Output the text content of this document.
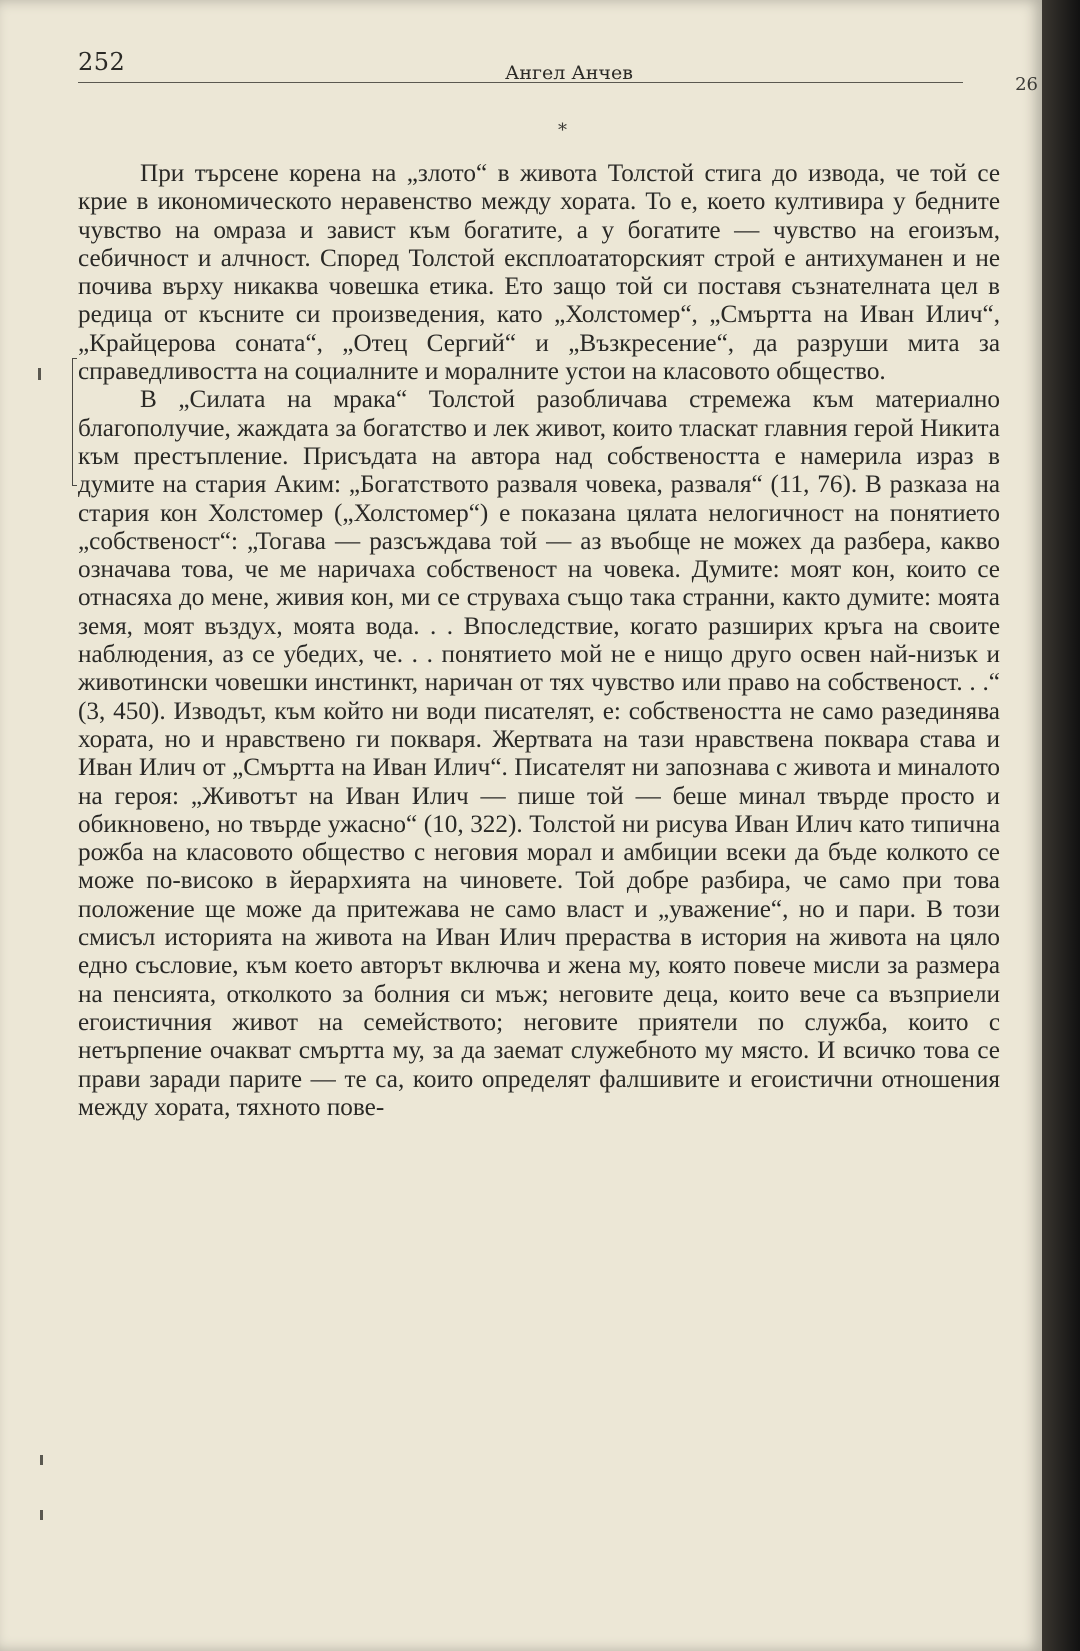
252	Ангел Анчев
26
*

При търсене корена на „злото“ в живота Толстой стига до извода, че той се крие в икономическото неравенство между хората. То е, което култивира у бедните чувство на омраза и завист към богатите, а у богатите — чувство на егоизъм, себичност и алчност. Според Толстой експлоататорският строй е антихуманен и не почива върху никаква човешка етика. Ето защо той си поставя съзнателната цел в редица от късните си произведения, като „Холстомер“, „Смъртта на Иван Илич“, „Крайцерова соната“, „Отец Сергий“ и „Възкресение“, да разруши мита за справедливостта на социалните и моралните устои на класовото общество.

В „Силата на мрака“ Толстой разобличава стремежа към материално благополучие, жаждата за богатство и лек живот, които тласкат главния герой Никита към престъпление. Присъдата на автора над собствеността е намерила израз в думите на стария Аким: „Богатството разваля човека, разваля“ (11, 76). В разказа на стария кон Холстомер („Холстомер“) е показана цялата нелогичност на понятието „собственост“: „Тогава — разсъждава той — аз въобще не можех да разбера, какво означава това, че ме наричаха собственост на човека. Думите: моят кон, които се отнасяха до мене, живия кон, ми се струваха също така странни, както думите: моята земя, моят въздух, моята вода. . . Впоследствие, когато разширих кръга на своите наблюдения, аз се убедих, че. . . понятието мой не е нищо друго освен най-низък и животински човешки инстинкт, наричан от тях чувство или право на собственост. . .“ (3, 450). Изводът, към който ни води писателят, е: собствеността не само разединява хората, но и нравствено ги покваря. Жертвата на тази нравствена поквара става и Иван Илич от „Смъртта на Иван Илич“. Писателят ни запознава с живота и миналото на героя: „Животът на Иван Илич — пише той — беше минал твърде просто и обикновено, но твърде ужасно“ (10, 322). Толстой ни рисува Иван Илич като типична рожба на класовото общество с неговия морал и амбиции всеки да бъде колкото се може по-високо в йерархията на чиновете. Той добре разбира, че само при това положение ще може да притежава не само власт и „уважение“, но и пари. В този смисъл историята на живота на Иван Илич прераства в история на живота на цяло едно съсловие, към което авторът включва и жена му, която повече мисли за размера на пенсията, отколкото за болния си мъж; неговите деца, които вече са възприели егоистичния живот на семейството; неговите приятели по служба, които с нетърпение очакват смъртта му, за да заемат служебното му място. И всичко това се прави заради парите — те са, които определят фалшивите и егоистични отношения между хората, тяхното пове-
